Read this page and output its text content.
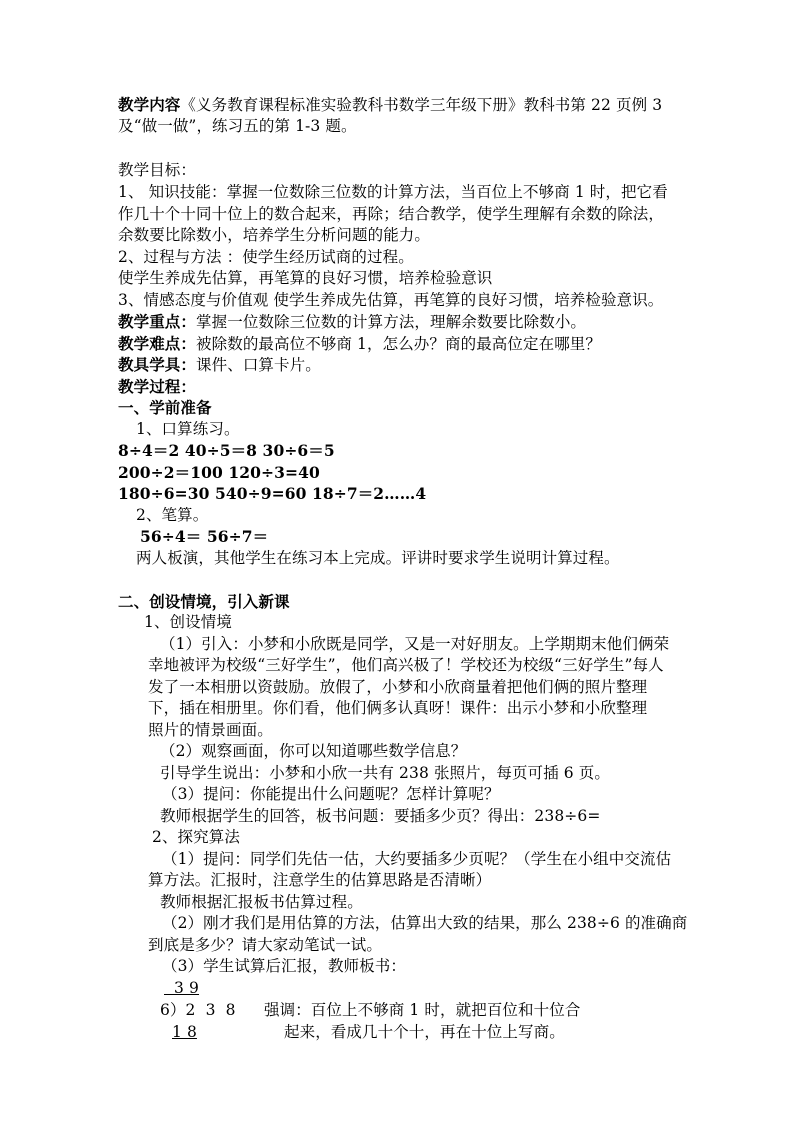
教学内容《义务教育课程标准实验教科书数学三年级下册》教科书第 22 页例 3
及“做一做”，练习五的第 1-3 题。
教学目标：
1、 知识技能：掌握一位数除三位数的计算方法，当百位上不够商 1 时，把它看
作几十个十同十位上的数合起来，再除；结合教学，使学生理解有余数的除法，
余数要比除数小，培养学生分析问题的能力。
2、过程与方法 ：使学生经历试商的过程。
使学生养成先估算，再笔算的良好习惯，培养检验意识
3、情感态度与价值观 使学生养成先估算，再笔算的良好习惯，培养检验意识。
教学重点：掌握一位数除三位数的计算方法，理解余数要比除数小。
教学难点：被除数的最高位不够商 1，怎么办？商的最高位定在哪里？
教具学具：课件、口算卡片。
教学过程：
一、学前准备
1、口算练习。
8÷4＝2 40÷5＝8 30÷6＝5
200÷2＝100 120÷3=40
180÷6=30 540÷9=60 18÷7＝2……4
2、笔算。
56÷4＝ 56÷7＝
两人板演，其他学生在练习本上完成。评讲时要求学生说明计算过程。
二、创设情境，引入新课
1、创设情境
（1）引入：小梦和小欣既是同学，又是一对好朋友。上学期期末他们俩荣
幸地被评为校级“三好学生”，他们高兴极了！学校还为校级“三好学生”每人
发了一本相册以资鼓励。放假了，小梦和小欣商量着把他们俩的照片整理
下，插在相册里。你们看，他们俩多认真呀！课件：出示小梦和小欣整理
照片的情景画面。
（2）观察画面，你可以知道哪些数学信息？
引导学生说出：小梦和小欣一共有 238 张照片，每页可插 6 页。
（3）提问：你能提出什么问题呢？怎样计算呢？
教师根据学生的回答，板书问题：要插多少页？得出：238÷6=
2、探究算法
（1）提问：同学们先估一估，大约要插多少页呢？（学生在小组中交流估
算方法。汇报时，注意学生的估算思路是否清晰）
教师根据汇报板书估算过程。
（2）刚才我们是用估算的方法，估算出大致的结果，那么 238÷6 的准确商
到底是多少？请大家动笔试一试。
（3）学生试算后汇报，教师板书：
3 9
6）2  3  8 强调：百位上不够商 1 时，就把百位和十位合
1 8	起来，看成几十个十，再在十位上写商。
